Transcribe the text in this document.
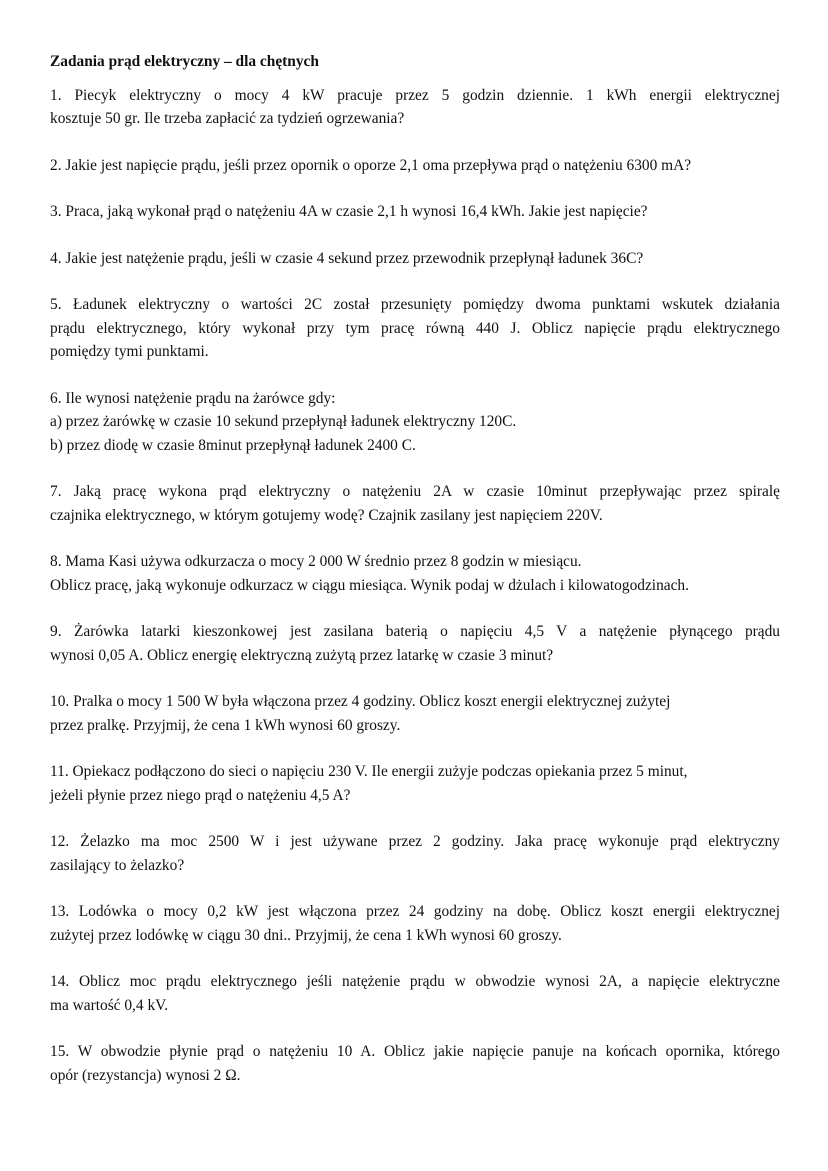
Zadania prąd elektryczny – dla chętnych
1. Piecyk elektryczny o mocy 4 kW pracuje przez 5 godzin dziennie. 1 kWh energii elektrycznej
kosztuje 50 gr. Ile trzeba zapłacić za tydzień ogrzewania?
2. Jakie jest napięcie prądu, jeśli przez opornik o oporze 2,1 oma przepływa prąd o natężeniu 6300 mA?
3. Praca, jaką wykonał prąd o natężeniu 4A w czasie 2,1 h wynosi 16,4 kWh. Jakie jest napięcie?
4. Jakie jest natężenie prądu, jeśli w czasie 4 sekund przez przewodnik przepłynął ładunek 36C?
5. Ładunek elektryczny o wartości 2C został przesunięty pomiędzy dwoma punktami wskutek działania
prądu elektrycznego, który wykonał przy tym pracę równą 440 J. Oblicz napięcie prądu elektrycznego
pomiędzy tymi punktami.
6. Ile wynosi natężenie prądu na żarówce gdy:
a) przez żarówkę w czasie 10 sekund przepłynął ładunek elektryczny 120C.
b) przez diodę w czasie 8minut przepłynął ładunek 2400 C.
7. Jaką pracę wykona prąd elektryczny o natężeniu 2A w czasie 10minut przepływając przez spiralę
czajnika elektrycznego, w którym gotujemy wodę? Czajnik zasilany jest napięciem 220V.
8. Mama Kasi używa odkurzacza o mocy 2 000 W średnio przez 8 godzin w miesiącu.
Oblicz pracę, jaką wykonuje odkurzacz w ciągu miesiąca. Wynik podaj w dżulach i kilowatogodzinach.
9. Żarówka latarki kieszonkowej jest zasilana baterią o napięciu 4,5 V a natężenie płynącego prądu
wynosi 0,05 A. Oblicz energię elektryczną zużytą przez latarkę w czasie 3 minut?
10. Pralka o mocy 1 500 W była włączona przez 4 godziny. Oblicz koszt energii elektrycznej zużytej
przez pralkę. Przyjmij, że cena 1 kWh wynosi 60 groszy.
11. Opiekacz podłączono do sieci o napięciu 230 V. Ile energii zużyje podczas opiekania przez 5 minut,
jeżeli płynie przez niego prąd o natężeniu 4,5 A?
12. Żelazko ma moc 2500 W i jest używane przez 2 godziny. Jaka pracę wykonuje prąd elektryczny
zasilający to żelazko?
13. Lodówka o mocy 0,2 kW jest włączona przez 24 godziny na dobę. Oblicz koszt energii elektrycznej
zużytej przez lodówkę w ciągu 30 dni.. Przyjmij, że cena 1 kWh wynosi 60 groszy.
14. Oblicz moc prądu elektrycznego jeśli natężenie prądu w obwodzie wynosi 2A, a napięcie elektryczne
ma wartość 0,4 kV.
15. W obwodzie płynie prąd o natężeniu 10 A. Oblicz jakie napięcie panuje na końcach opornika, którego
opór (rezystancja) wynosi 2 Ω.
